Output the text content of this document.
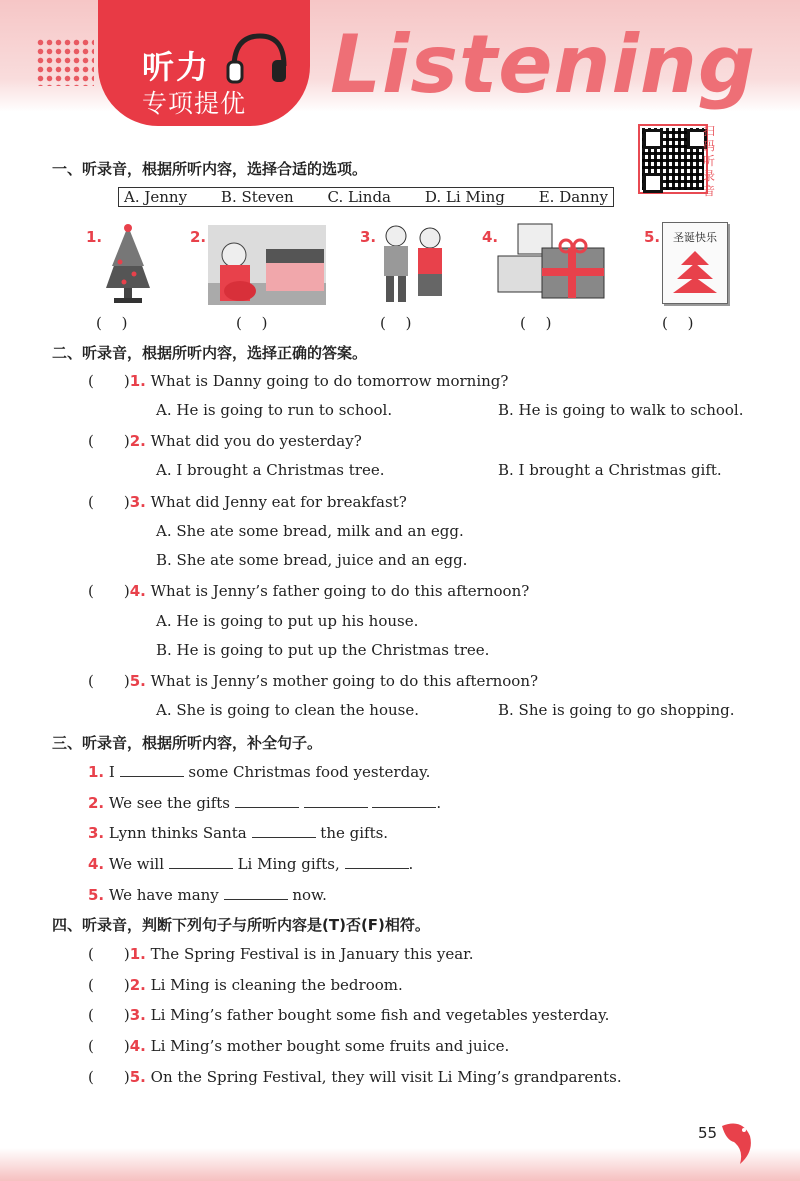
听力
专项提优 Listening
扫码听录音
一、听录音，根据所听内容，选择合适的选项。
A. Jenny B. Steven C. Linda D. Li Ming E. Danny
1.
(　 )
2.
(　 )
3.
(　 )
4.
(　 )
5.	圣诞快乐
(　 )
二、听录音，根据所听内容，选择正确的答案。
( )1. What is Danny going to do tomorrow morning?
A. He is going to run to school.	B. He is going to walk to school.
( )2. What did you do yesterday?
A. I brought a Christmas tree.	B. I brought a Christmas gift.
( )3. What did Jenny eat for breakfast?
A. She ate some bread, milk and an egg.
B. She ate some bread, juice and an egg.
( )4. What is Jenny’s father going to do this afternoon?
A. He is going to put up his house.
B. He is going to put up the Christmas tree.
( )5. What is Jenny’s mother going to do this afternoon?
A. She is going to clean the house.	B. She is going to go shopping.
三、听录音，根据所听内容，补全句子。
1. I	some Christmas food yesterday.
2. We see the gifts	.
3. Lynn thinks Santa	the gifts.
4. We will	Li Ming gifts,	.
5. We have many	now.
四、听录音，判断下列句子与所听内容是(T)否(F)相符。
( )1. The Spring Festival is in January this year.
( )2. Li Ming is cleaning the bedroom.
( )3. Li Ming’s father bought some fish and vegetables yesterday.
( )4. Li Ming’s mother bought some fruits and juice.
( )5. On the Spring Festival, they will visit Li Ming’s grandparents.
55
